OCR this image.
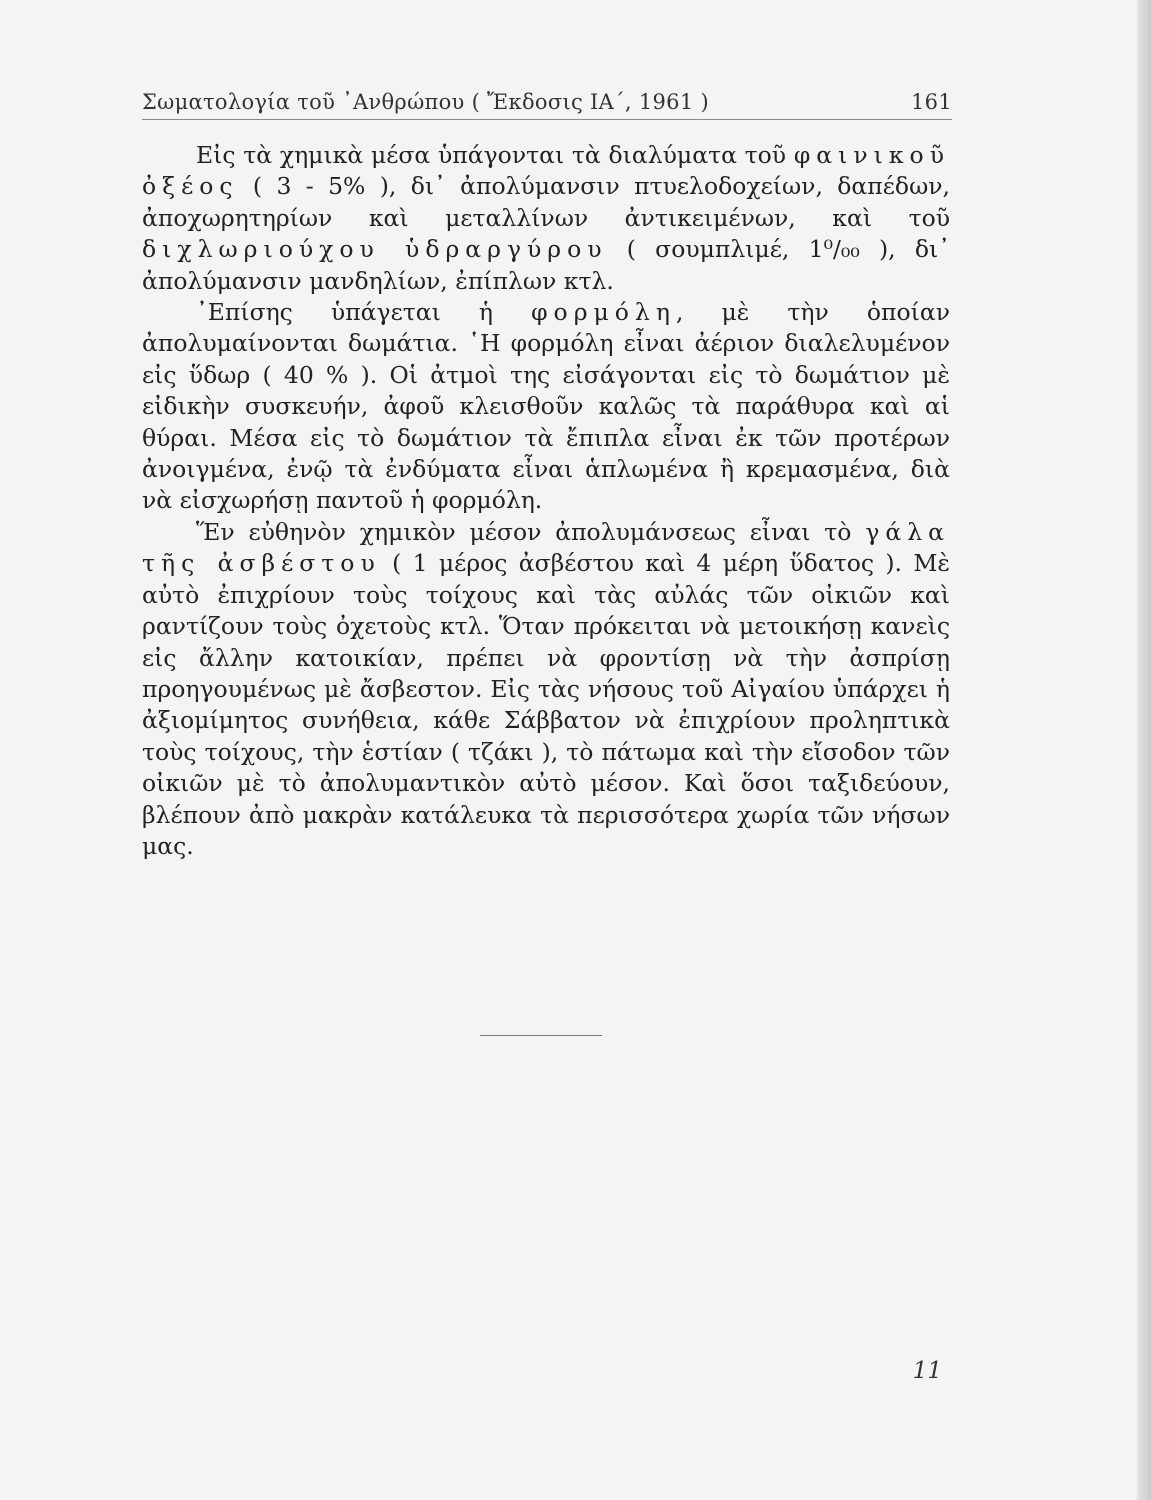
Σωματολογία τοῦ ᾿Ανθρώπου ( Ἔκδοσις ΙΑ΄, 1961 )	161

Εἰς τὰ χημικὰ μέσα ὑπάγονται τὰ διαλύματα τοῦ φαινικοῦ ὀξέος ( 3 - 5% ), δι᾿ ἀπολύμανσιν πτυελοδοχείων, δαπέδων, ἀποχωρητηρίων καὶ μεταλλίνων ἀντικειμένων, καὶ τοῦ διχλωριούχου ὑδραργύρου ( σουμπλιμέ, 1⁰/₀₀ ), δι᾿ ἀπολύμανσιν μανδηλίων, ἐπίπλων κτλ.

᾿Επίσης ὑπάγεται ἡ φορμόλη, μὲ τὴν ὁποίαν ἀπολυμαίνονται δωμάτια. ῾Η φορμόλη εἶναι ἀέριον διαλελυμένον εἰς ὕδωρ ( 40 % ). Οἱ ἀτμοὶ της εἰσάγονται εἰς τὸ δωμάτιον μὲ εἰδικὴν συσκευήν, ἀφοῦ κλεισθοῦν καλῶς τὰ παράθυρα καὶ αἱ θύραι. Μέσα εἰς τὸ δωμάτιον τὰ ἔπιπλα εἶναι ἐκ τῶν προτέρων ἀνοιγμένα, ἐνῷ τὰ ἐνδύματα εἶναι ἁπλωμένα ἢ κρεμασμένα, διὰ νὰ εἰσχωρήσῃ παντοῦ ἡ φορμόλη.

Ἕν εὐθηνὸν χημικὸν μέσον ἀπολυμάνσεως εἶναι τὸ γάλα τῆς ἀσβέστου ( 1 μέρος ἀσβέστου καὶ 4 μέρη ὕδατος ). Μὲ αὐτὸ ἐπιχρίουν τοὺς τοίχους καὶ τὰς αὐλάς τῶν οἰκιῶν καὶ ραντίζουν τοὺς ὀχετοὺς κτλ. Ὅταν πρόκειται νὰ μετοικήσῃ κανεὶς εἰς ἄλλην κατοικίαν, πρέπει νὰ φροντίσῃ νὰ τὴν ἀσπρίσῃ προηγουμένως μὲ ἄσβεστον. Εἰς τὰς νήσους τοῦ Αἰγαίου ὑπάρχει ἡ ἀξιομίμητος συνήθεια, κάθε Σάββατον νὰ ἐπιχρίουν προληπτικὰ τοὺς τοίχους, τὴν ἑστίαν ( τζάκι ), τὸ πάτωμα καὶ τὴν εἴσοδον τῶν οἰκιῶν μὲ τὸ ἀπολυμαντικὸν αὐτὸ μέσον. Καὶ ὅσοι ταξιδεύουν, βλέπουν ἀπὸ μακρὰν κατάλευκα τὰ περισσότερα χωρία τῶν νήσων μας.

11
